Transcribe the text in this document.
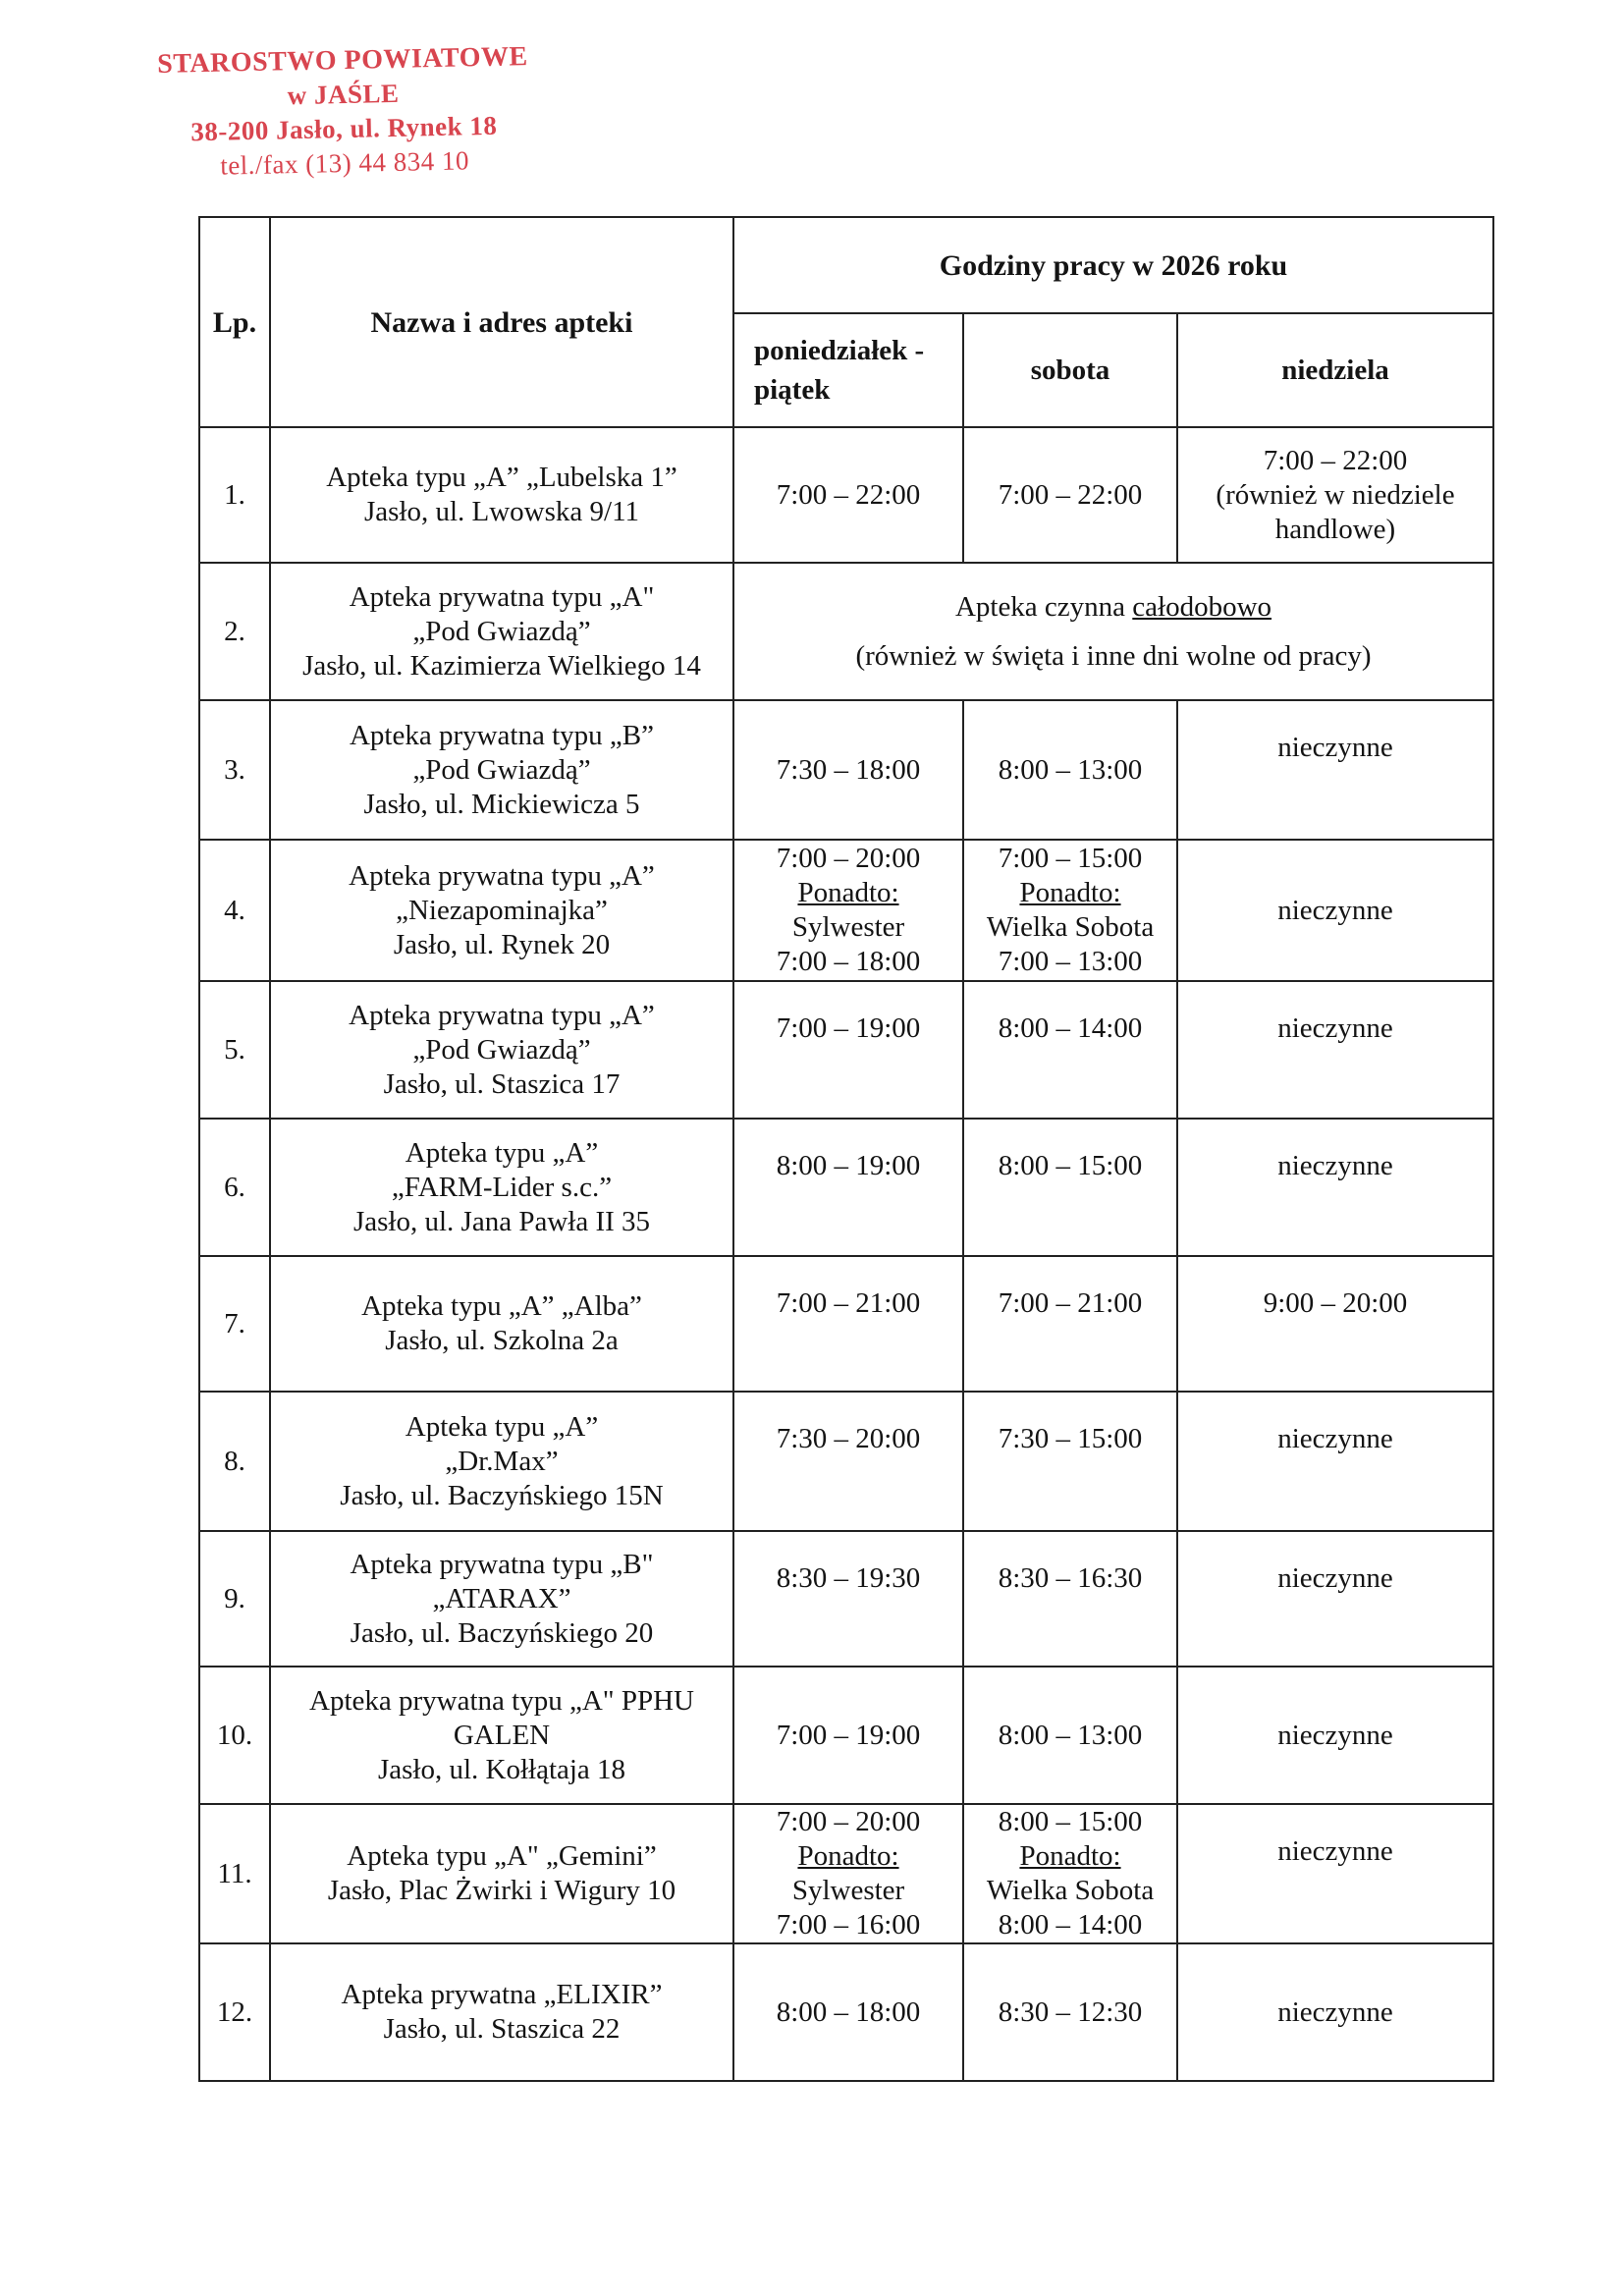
STAROSTWO POWIATOWE
w JAŚLE
38-200 Jasło, ul. Rynek 18
tel./fax (13) 44 834 10
Lp.	Nazwa i adres apteki	Godziny pracy w 2026 roku		
		poniedziałek -
piątek	sobota	niedziela
1.	Apteka typu „A” „Lubelska 1”
Jasło, ul. Lwowska 9/11	7:00 – 22:00	7:00 – 22:00	7:00 – 22:00
(również w niedziele
handlowe)

2.	Apteka prywatna typu „A"
„Pod Gwiazdą”
Jasło, ul. Kazimierza Wielkiego 14	Apteka czynna całodobowo
(również w święta i inne dni wolne od pracy)		

3.	Apteka prywatna typu „B”
„Pod Gwiazdą”
Jasło, ul. Mickiewicza 5	7:30 – 18:00	8:00 – 13:00	nieczynne

4.	Apteka prywatna typu „A”
„Niezapominajka”
Jasło, ul. Rynek 20	7:00 – 20:00
Ponadto:
Sylwester
7:00 – 18:00	7:00 – 15:00
Ponadto:
Wielka Sobota
7:00 – 13:00	nieczynne

5.	Apteka prywatna typu „A”
„Pod Gwiazdą”
Jasło, ul. Staszica 17	7:00 – 19:00	8:00 – 14:00	nieczynne

6.	Apteka typu „A”
„FARM-Lider s.c.”
Jasło, ul. Jana Pawła II 35	8:00 – 19:00	8:00 – 15:00	nieczynne

7.	Apteka typu „A” „Alba”
Jasło, ul. Szkolna 2a	7:00 – 21:00	7:00 – 21:00	9:00 – 20:00

8.	Apteka typu „A”
„Dr.Max”
Jasło, ul. Baczyńskiego 15N	7:30 – 20:00	7:30 – 15:00	nieczynne

9.	Apteka prywatna typu „B"
„ATARAX”
Jasło, ul. Baczyńskiego 20	8:30 – 19:30	8:30 – 16:30	nieczynne

10.	Apteka prywatna typu „A" PPHU
GALEN
Jasło, ul. Kołłątaja 18	7:00 – 19:00	8:00 – 13:00	nieczynne

11.	Apteka typu „A" „Gemini”
Jasło, Plac Żwirki i Wigury 10	7:00 – 20:00
Ponadto:
Sylwester
7:00 – 16:00	8:00 – 15:00
Ponadto:
Wielka Sobota
8:00 – 14:00	nieczynne

12.	Apteka prywatna „ELIXIR”
Jasło, ul. Staszica 22	8:00 – 18:00	8:30 – 12:30	nieczynne
